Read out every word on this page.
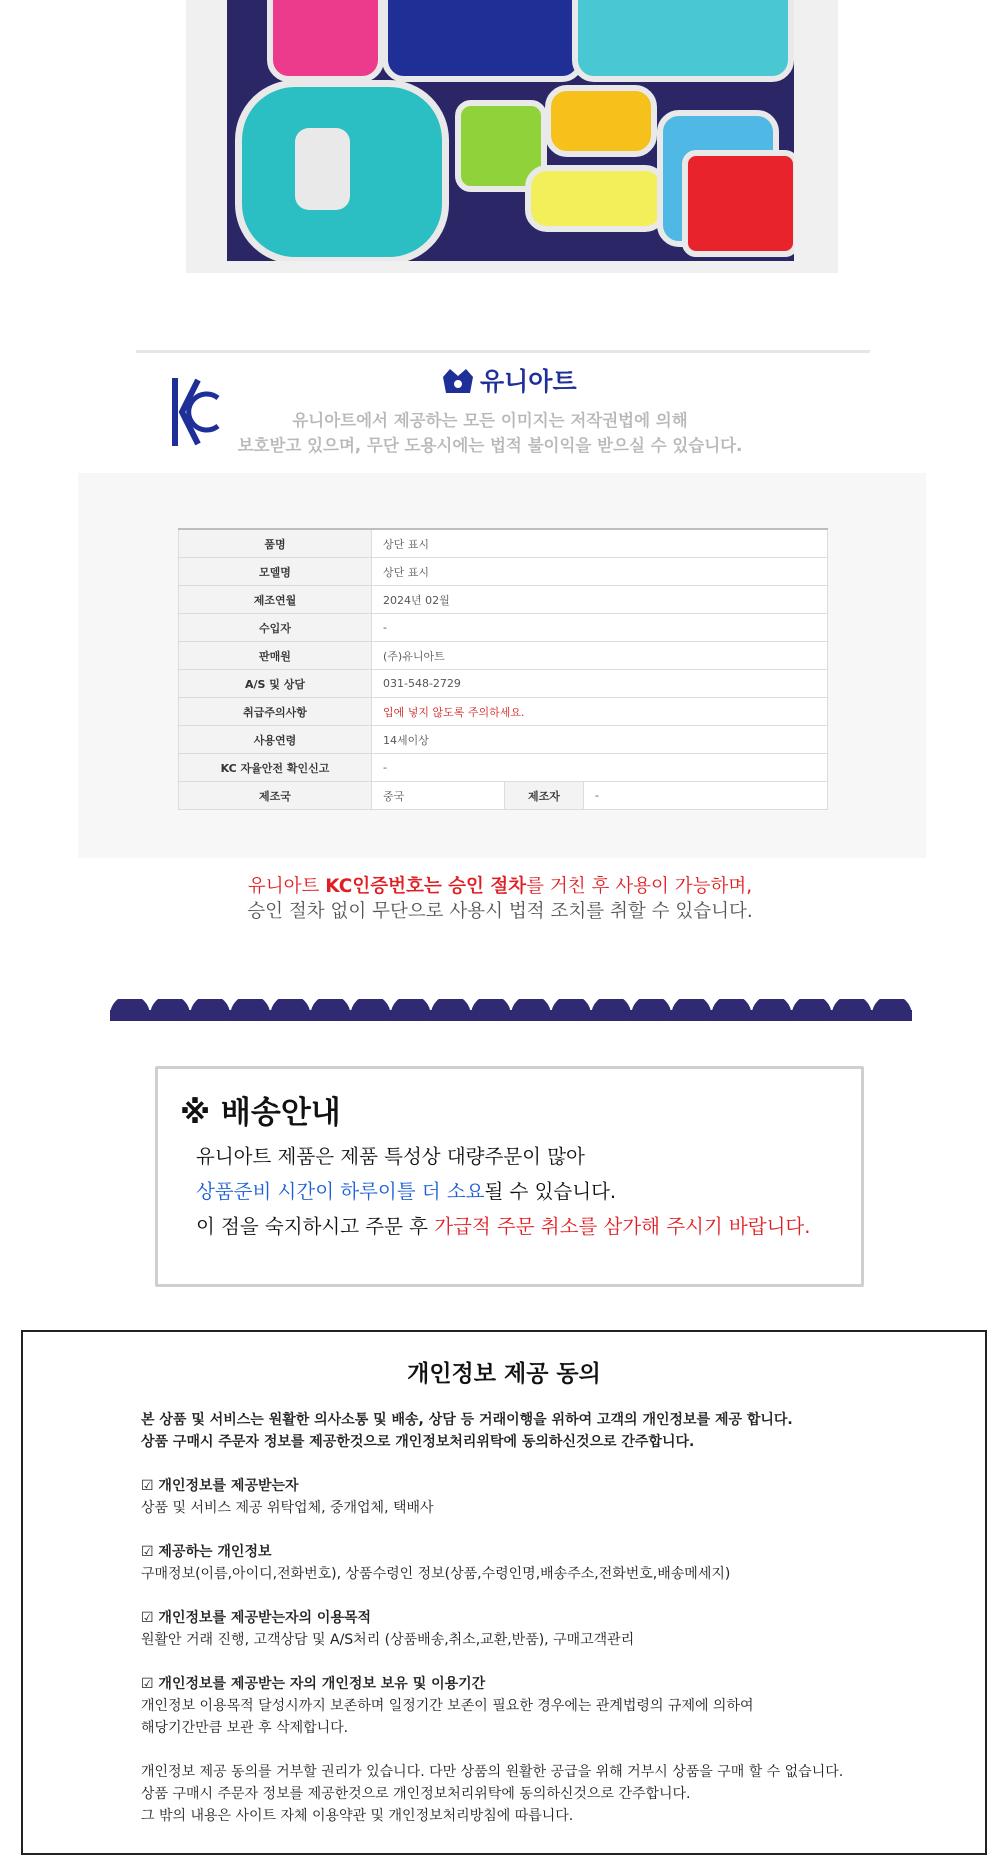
유니아트
유니아트에서 제공하는 모든 이미지는 저작권법에 의해
보호받고 있으며, 무단 도용시에는 법적 불이익을 받으실 수 있습니다.
품명	상단 표시		
모델명	상단 표시		
제조연월	2024년 02월		
수입자	-		
판매원	(주)유니아트		
A/S 및 상담	031-548-2729		
취급주의사항	입에 넣지 않도록 주의하세요.		
사용연령	14세이상		
KC 자율안전 확인신고	-		
제조국	중국	제조자	-
유니아트 KC인증번호는 승인 절차를 거친 후 사용이 가능하며,
승인 절차 없이 무단으로 사용시 법적 조치를 취할 수 있습니다.
※ 배송안내
유니아트 제품은 제품 특성상 대량주문이 많아
상품준비 시간이 하루이틀 더 소요될 수 있습니다.
이 점을 숙지하시고 주문 후 가급적 주문 취소를 삼가해 주시기 바랍니다.
개인정보 제공 동의

본 상품 및 서비스는 원활한 의사소통 및 배송, 상담 등 거래이행을 위하여 고객의 개인정보를 제공 합니다.

상품 구매시 주문자 정보를 제공한것으로 개인정보처리위탁에 동의하신것으로 간주합니다.

☑ 개인정보를 제공받는자

상품 및 서비스 제공 위탁업체, 중개업체, 택배사

☑ 제공하는 개인정보

구매정보(이름,아이디,전화번호), 상품수령인 정보(상품,수령인명,배송주소,전화번호,배송메세지)

☑ 개인정보를 제공받는자의 이용목적

원활안 거래 진행, 고객상담 및 A/S처리 (상품배송,취소,교환,반품), 구매고객관리

☑ 개인정보를 제공받는 자의 개인정보 보유 및 이용기간

개인정보 이용목적 달성시까지 보존하며 일정기간 보존이 필요한 경우에는 관계법령의 규제에 의하여

해당기간만큼 보관 후 삭제합니다.

개인정보 제공 동의를 거부할 권리가 있습니다. 다만 상품의 원활한 공급을 위해 거부시 상품을 구매 할 수 없습니다.

상품 구매시 주문자 정보를 제공한것으로 개인정보처리위탁에 동의하신것으로 간주합니다.

그 밖의 내용은 사이트 자체 이용약관 및 개인정보처리방침에 따릅니다.
